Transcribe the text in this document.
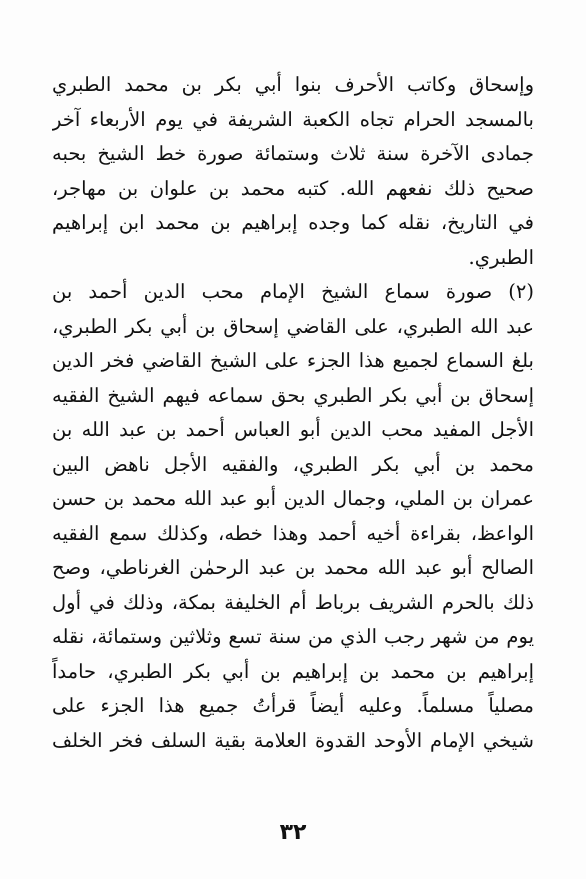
وإسحاق وكاتب الأحرف بنوا أبي بكر بن محمد الطبري
بالمسجد الحرام تجاه الكعبة الشريفة في يوم الأربعاء آخر
جمادى الآخرة سنة ثلاث وستمائة صورة خط الشيخ بحبه
صحيح ذلك نفعهم الله. كتبه محمد بن علوان بن مهاجر،
في التاريخ، نقله كما وجده إبراهيم بن محمد ابن إبراهيم
الطبري.
(٢) صورة سماع الشيخ الإمام محب الدين أحمد بن
عبد الله الطبري، على القاضي إسحاق بن أبي بكر الطبري،
بلغ السماع لجميع هذا الجزء على الشيخ القاضي فخر الدين
إسحاق بن أبي بكر الطبري بحق سماعه فيهم الشيخ الفقيه
الأجل المفيد محب الدين أبو العباس أحمد بن عبد الله بن
محمد بن أبي بكر الطبري، والفقيه الأجل ناهض البين
عمران بن الملي، وجمال الدين أبو عبد الله محمد بن حسن
الواعظ، بقراءة أخيه أحمد وهذا خطه، وكذلك سمع الفقيه
الصالح أبو عبد الله محمد بن عبد الرحمٰن الغرناطي، وصح
ذلك بالحرم الشريف برباط أم الخليفة بمكة، وذلك في أول
يوم من شهر رجب الذي من سنة تسع وثلاثين وستمائة، نقله
إبراهيم بن محمد بن إبراهيم بن أبي بكر الطبري، حامداً
مصلياً مسلماً. وعليه أيضاً قرأتُ جميع هذا الجزء على
شيخي الإمام الأوحد القدوة العلامة بقية السلف فخر الخلف
٣٢
